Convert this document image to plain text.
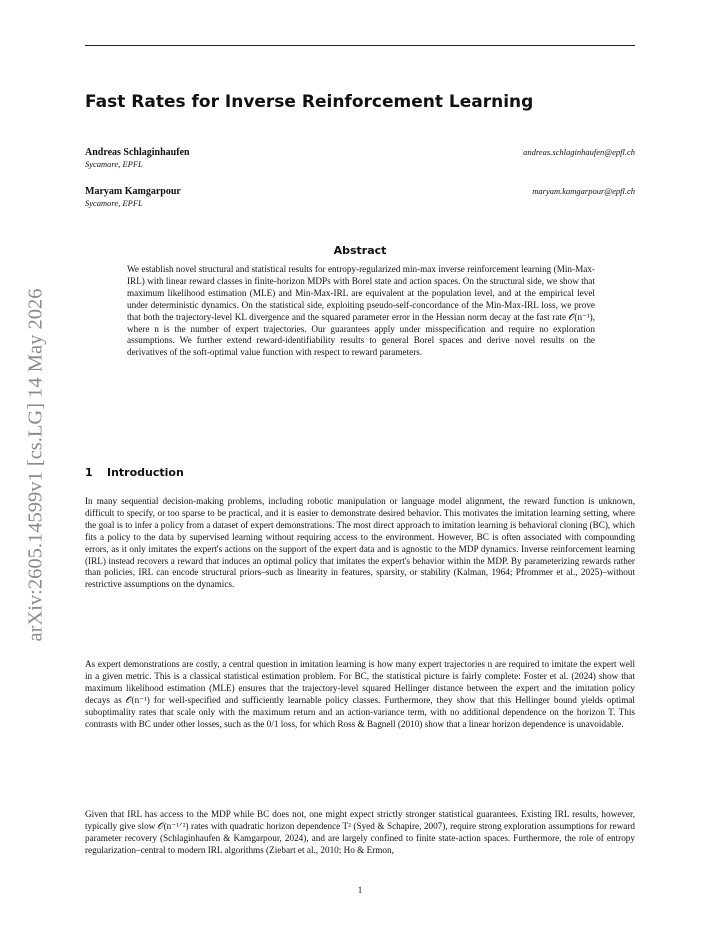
arXiv:2605.14599v1 [cs.LG] 14 May 2026
Fast Rates for Inverse Reinforcement Learning
Andreas Schlaginhaufen
Sycamore, EPFL
andreas.schlaginhaufen@epfl.ch
Maryam Kamgarpour
Sycamore, EPFL
maryam.kamgarpour@epfl.ch
Abstract

We establish novel structural and statistical results for entropy-regularized min-max inverse reinforcement learning (Min-Max-IRL) with linear reward classes in finite-horizon MDPs with Borel state and action spaces. On the structural side, we show that maximum likelihood estimation (MLE) and Min-Max-IRL are equivalent at the population level, and at the empirical level under deterministic dynamics. On the statistical side, exploiting pseudo-self-concordance of the Min-Max-IRL loss, we prove that both the trajectory-level KL divergence and the squared parameter error in the Hessian norm decay at the fast rate 𝒪(n⁻¹), where n is the number of expert trajectories. Our guarantees apply under misspecification and require no exploration assumptions. We further extend reward-identifiability results to general Borel spaces and derive novel results on the derivatives of the soft-optimal value function with respect to reward parameters.

1 Introduction

In many sequential decision-making problems, including robotic manipulation or language model alignment, the reward function is unknown, difficult to specify, or too sparse to be practical, and it is easier to demonstrate desired behavior. This motivates the imitation learning setting, where the goal is to infer a policy from a dataset of expert demonstrations. The most direct approach to imitation learning is behavioral cloning (BC), which fits a policy to the data by supervised learning without requiring access to the environment. However, BC is often associated with compounding errors, as it only imitates the expert's actions on the support of the expert data and is agnostic to the MDP dynamics. Inverse reinforcement learning (IRL) instead recovers a reward that induces an optimal policy that imitates the expert's behavior within the MDP. By parameterizing rewards rather than policies, IRL can encode structural priors–such as linearity in features, sparsity, or stability (Kalman, 1964; Pfrommer et al., 2025)–without restrictive assumptions on the dynamics.

As expert demonstrations are costly, a central question in imitation learning is how many expert trajectories n are required to imitate the expert well in a given metric. This is a classical statistical estimation problem. For BC, the statistical picture is fairly complete: Foster et al. (2024) show that maximum likelihood estimation (MLE) ensures that the trajectory-level squared Hellinger distance between the expert and the imitation policy decays as 𝒪(n⁻¹) for well-specified and sufficiently learnable policy classes. Furthermore, they show that this Hellinger bound yields optimal suboptimality rates that scale only with the maximum return and an action-variance term, with no additional dependence on the horizon T. This contrasts with BC under other losses, such as the 0/1 loss, for which Ross & Bagnell (2010) show that a linear horizon dependence is unavoidable.

Given that IRL has access to the MDP while BC does not, one might expect strictly stronger statistical guarantees. Existing IRL results, however, typically give slow 𝒪(n⁻¹ᐟ²) rates with quadratic horizon dependence T² (Syed & Schapire, 2007), require strong exploration assumptions for reward parameter recovery (Schlaginhaufen & Kamgarpour, 2024), and are largely confined to finite state-action spaces. Furthermore, the role of entropy regularization–central to modern IRL algorithms (Ziebart et al., 2010; Ho & Ermon,

1
